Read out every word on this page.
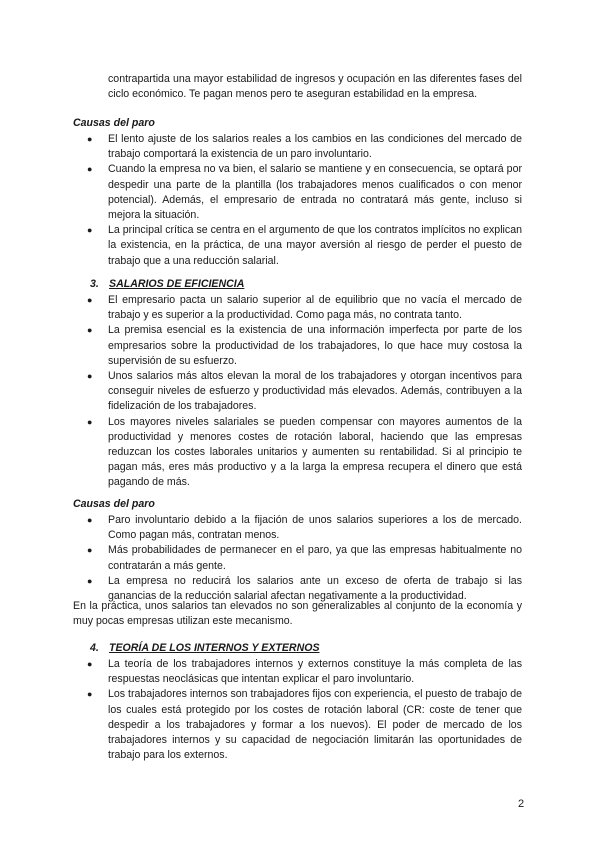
contrapartida una mayor estabilidad de ingresos y ocupación en las diferentes fases del ciclo económico. Te pagan menos pero te aseguran estabilidad en la empresa.

Causas del paro
● El lento ajuste de los salarios reales a los cambios en las condiciones del mercado de trabajo comportará la existencia de un paro involuntario.
● Cuando la empresa no va bien, el salario se mantiene y en consecuencia, se optará por despedir una parte de la plantilla (los trabajadores menos cualificados o con menor potencial). Además, el empresario de entrada no contratará más gente, incluso si mejora la situación.
● La principal crítica se centra en el argumento de que los contratos implícitos no explican la existencia, en la práctica, de una mayor aversión al riesgo de perder el puesto de trabajo que a una reducción salarial.
3. SALARIOS DE EFICIENCIA
● El empresario pacta un salario superior al de equilibrio que no vacía el mercado de trabajo y es superior a la productividad. Como paga más, no contrata tanto.
● La premisa esencial es la existencia de una información imperfecta por parte de los empresarios sobre la productividad de los trabajadores, lo que hace muy costosa la supervisión de su esfuerzo.
● Unos salarios más altos elevan la moral de los trabajadores y otorgan incentivos para conseguir niveles de esfuerzo y productividad más elevados. Además, contribuyen a la fidelización de los trabajadores.
● Los mayores niveles salariales se pueden compensar con mayores aumentos de la productividad y menores costes de rotación laboral, haciendo que las empresas reduzcan los costes laborales unitarios y aumenten su rentabilidad. Si al principio te pagan más, eres más productivo y a la larga la empresa recupera el dinero que está pagando de más.
Causas del paro
● Paro involuntario debido a la fijación de unos salarios superiores a los de mercado. Como pagan más, contratan menos.
● Más probabilidades de permanecer en el paro, ya que las empresas habitualmente no contratarán a más gente.
● La empresa no reducirá los salarios ante un exceso de oferta de trabajo si las ganancias de la reducción salarial afectan negativamente a la productividad.

En la práctica, unos salarios tan elevados no son generalizables al conjunto de la economía y muy pocas empresas utilizan este mecanismo.

4. TEORÍA DE LOS INTERNOS Y EXTERNOS
● La teoría de los trabajadores internos y externos constituye la más completa de las respuestas neoclásicas que intentan explicar el paro involuntario.
● Los trabajadores internos son trabajadores fijos con experiencia, el puesto de trabajo de los cuales está protegido por los costes de rotación laboral (CR: coste de tener que despedir a los trabajadores y formar a los nuevos). El poder de mercado de los trabajadores internos y su capacidad de negociación limitarán las oportunidades de trabajo para los externos.
2
